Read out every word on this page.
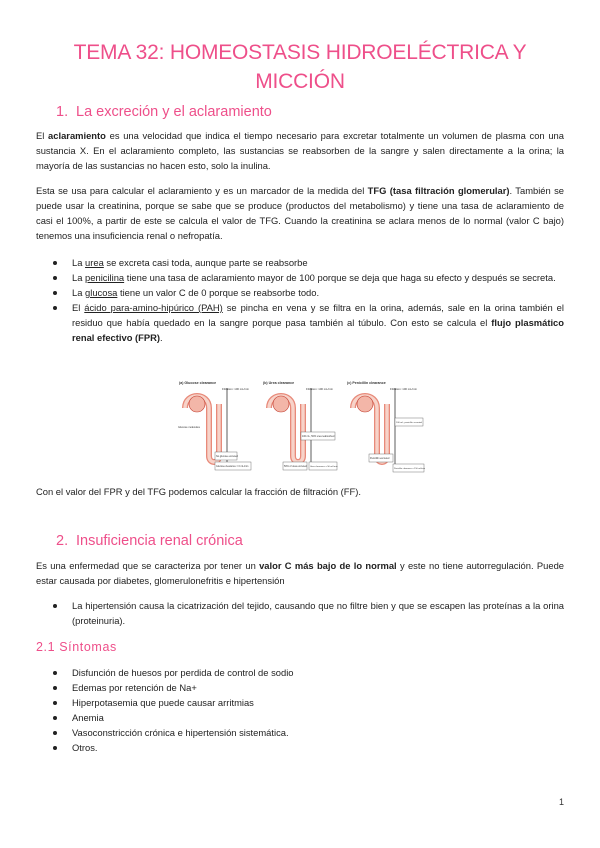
TEMA 32: HOMEOSTASIS HIDROELÉCTRICA Y MICCIÓN
1. La excreción y el aclaramiento

El aclaramiento es una velocidad que indica el tiempo necesario para excretar totalmente un volumen de plasma con una sustancia X. En el aclaramiento completo, las sustancias se reabsorben de la sangre y salen directamente a la orina; la mayoría de las sustancias no hacen esto, solo la inulina.

Esta se usa para calcular el aclaramiento y es un marcador de la medida del TFG (tasa filtración glomerular). También se puede usar la creatinina, porque se sabe que se produce (productos del metabolismo) y tiene una tasa de aclaramiento de casi el 100%, a partir de este se calcula el valor de TFG. Cuando la creatinina se aclara menos de lo normal (valor C bajo) tenemos una insuficiencia renal o nefropatía.

La urea se excreta casi toda, aunque parte se reabsorbe
La penicilina tiene una tasa de aclaramiento mayor de 100 porque se deja que haga su efecto y después se secreta.
La glucosa tiene un valor C de 0 porque se reabsorbe todo.
El ácido para-amino-hipúrico (PAH) se pincha en vena y se filtra en la orina, además, sale en la orina también el residuo que había quedado en la sangre porque pasa también al túbulo. Con esto se calcula el flujo plasmático renal efectivo (FPR).
(a) Glucose clearance
Filtration: 100 mL/min
Glucose molecules
No glucose excreted
Glucose clearance = 0 mL/min
(b) Urea clearance
Filtration: 100 mL/min
100 mL, 50% urea reabsorbed
50% of urea excreted	Urea clearance = 50 mL/min
(c) Penicillin clearance
Filtration: 100 mL/min
100 mL, penicillin secreted
Penicillin excreted
Penicillin clearance = 150 mL/min

Con el valor del FPR y del TFG podemos calcular la fracción de filtración (FF).

2. Insuficiencia renal crónica

Es una enfermedad que se caracteriza por tener un valor C más bajo de lo normal y este no tiene autorregulación. Puede estar causada por diabetes, glomerulonefritis e hipertensión

La hipertensión causa la cicatrización del tejido, causando que no filtre bien y que se escapen las proteínas a la orina (proteinuria).
2.1 Síntomas
Disfunción de huesos por perdida de control de sodio
Edemas por retención de Na+
Hiperpotasemia que puede causar arritmias
Anemia
Vasoconstricción crónica e hipertensión sistemática.
Otros.
1
